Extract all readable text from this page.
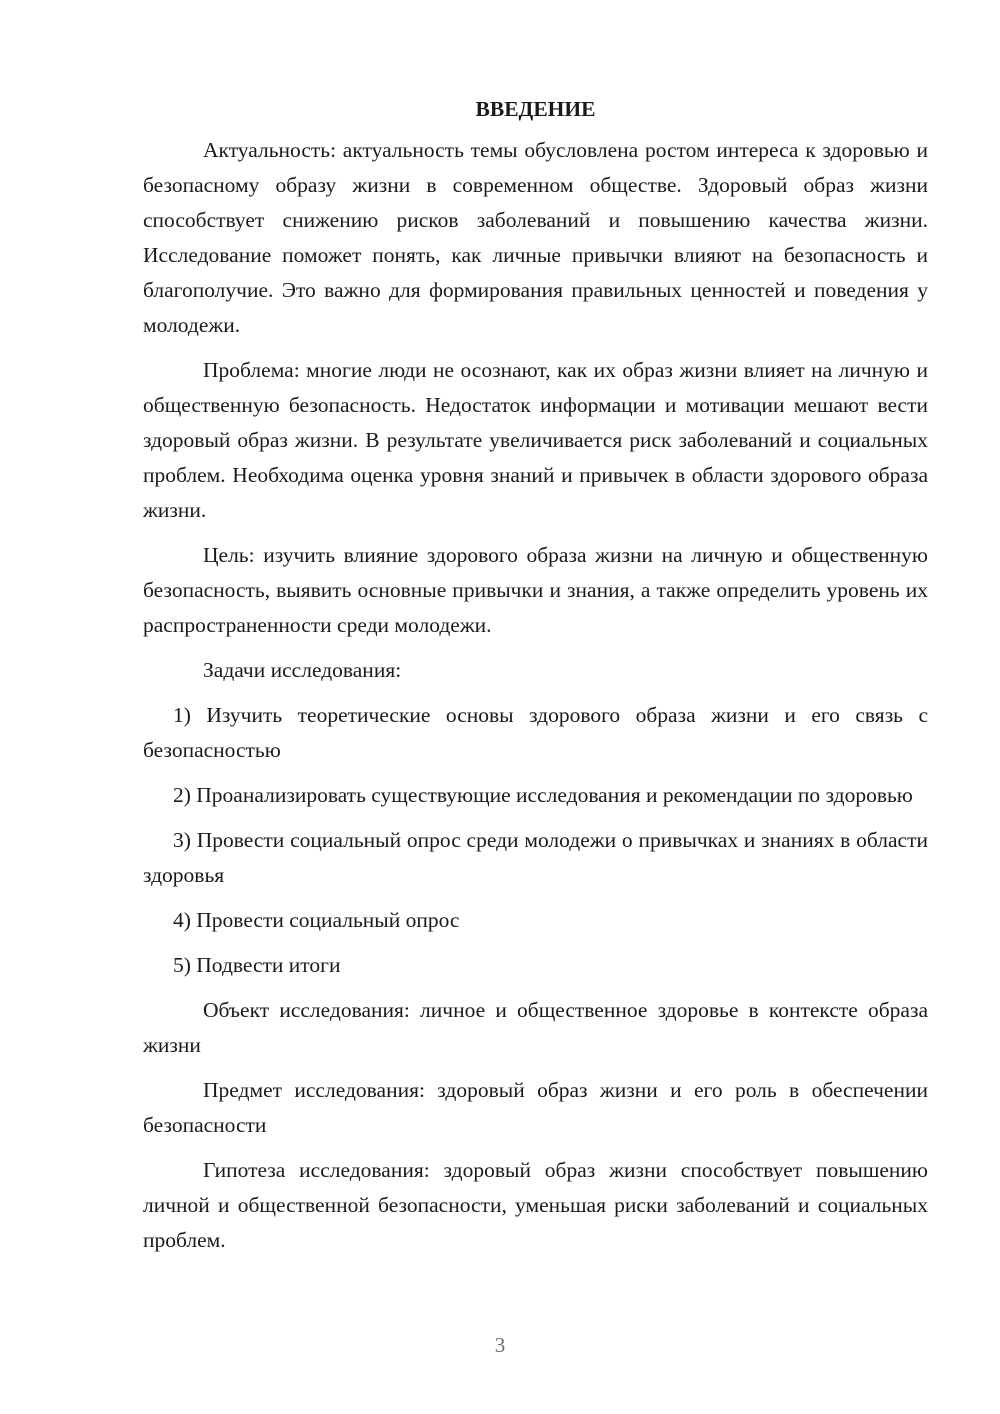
ВВЕДЕНИЕ

Актуальность: актуальность темы обусловлена ростом интереса к здоровью и безопасному образу жизни в современном обществе. Здоровый образ жизни способствует снижению рисков заболеваний и повышению качества жизни. Исследование поможет понять, как личные привычки влияют на безопасность и благополучие. Это важно для формирования правильных ценностей и поведения у молодежи.

Проблема: многие люди не осознают, как их образ жизни влияет на личную и общественную безопасность. Недостаток информации и мотивации мешают вести здоровый образ жизни. В результате увеличивается риск заболеваний и социальных проблем. Необходима оценка уровня знаний и привычек в области здорового образа жизни.

Цель: изучить влияние здорового образа жизни на личную и общественную безопасность, выявить основные привычки и знания, а также определить уровень их распространенности среди молодежи.

Задачи исследования:

1) Изучить теоретические основы здорового образа жизни и его связь с безопасностью

2) Проанализировать существующие исследования и рекомендации по здоровью

3) Провести социальный опрос среди молодежи о привычках и знаниях в области здоровья

4) Провести социальный опрос

5) Подвести итоги

Объект исследования: личное и общественное здоровье в контексте образа жизни

Предмет исследования: здоровый образ жизни и его роль в обеспечении безопасности

Гипотеза исследования: здоровый образ жизни способствует повышению личной и общественной безопасности, уменьшая риски заболеваний и социальных проблем.

3
